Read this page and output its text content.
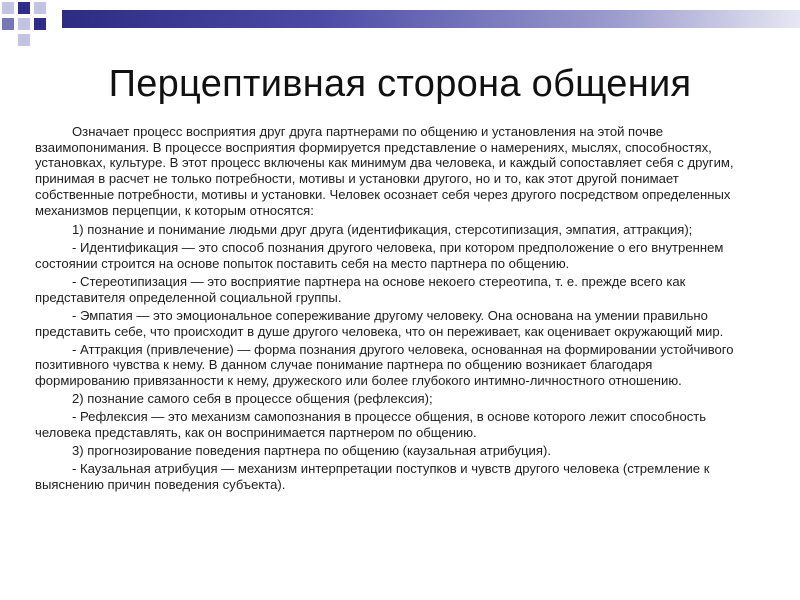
Перцептивная сторона общения

Означает процесс восприятия друг друга партнерами по общению и установления на этой почве взаимопонимания. В процессе восприятия формируется представление о намерениях, мыслях, способностях, установках, культуре. В этот процесс включены как минимум два человека, и каждый сопоставляет себя с другим, принимая в расчет не только потребности, мотивы и установки другого, но и то, как этот другой понимает собственные потребности, мотивы и установки. Человек осознает себя через другого посредством определенных механизмов перцепции, к которым относятся:

1) познание и понимание людьми друг друга (идентификация, стерсотипизация, эмпатия, аттракция);

- Идентификация — это способ познания другого человека, при котором предположение о его внутреннем состоянии строится на основе попыток поставить себя на место партнера по общению.

- Стереотипизация — это восприятие партнера на основе некоего стереотипа, т. е. прежде всего как представителя определенной социальной группы.

- Эмпатия — это эмоциональное сопереживание другому человеку. Она основана на умении правильно представить себе, что происходит в душе другого человека, что он переживает, как оценивает окружающий мир.

- Аттракция (привлечение) — форма познания другого человека, основанная на формировании устойчивого позитивного чувства к нему. В данном случае понимание партнера по общению возникает благодаря формированию привязанности к нему, дружеского или более глубокого интимно-личностного отношению.

2) познание самого себя в процессе общения (рефлексия);

- Рефлексия — это механизм самопознания в процессе общения, в основе которого лежит способность человека представлять, как он воспринимается партнером по общению.

3) прогнозирование поведения партнера по общению (каузальная атрибуция).

- Каузальная атрибуция — механизм интерпретации поступков и чувств другого человека (стремление к выяснению причин поведения субъекта).
